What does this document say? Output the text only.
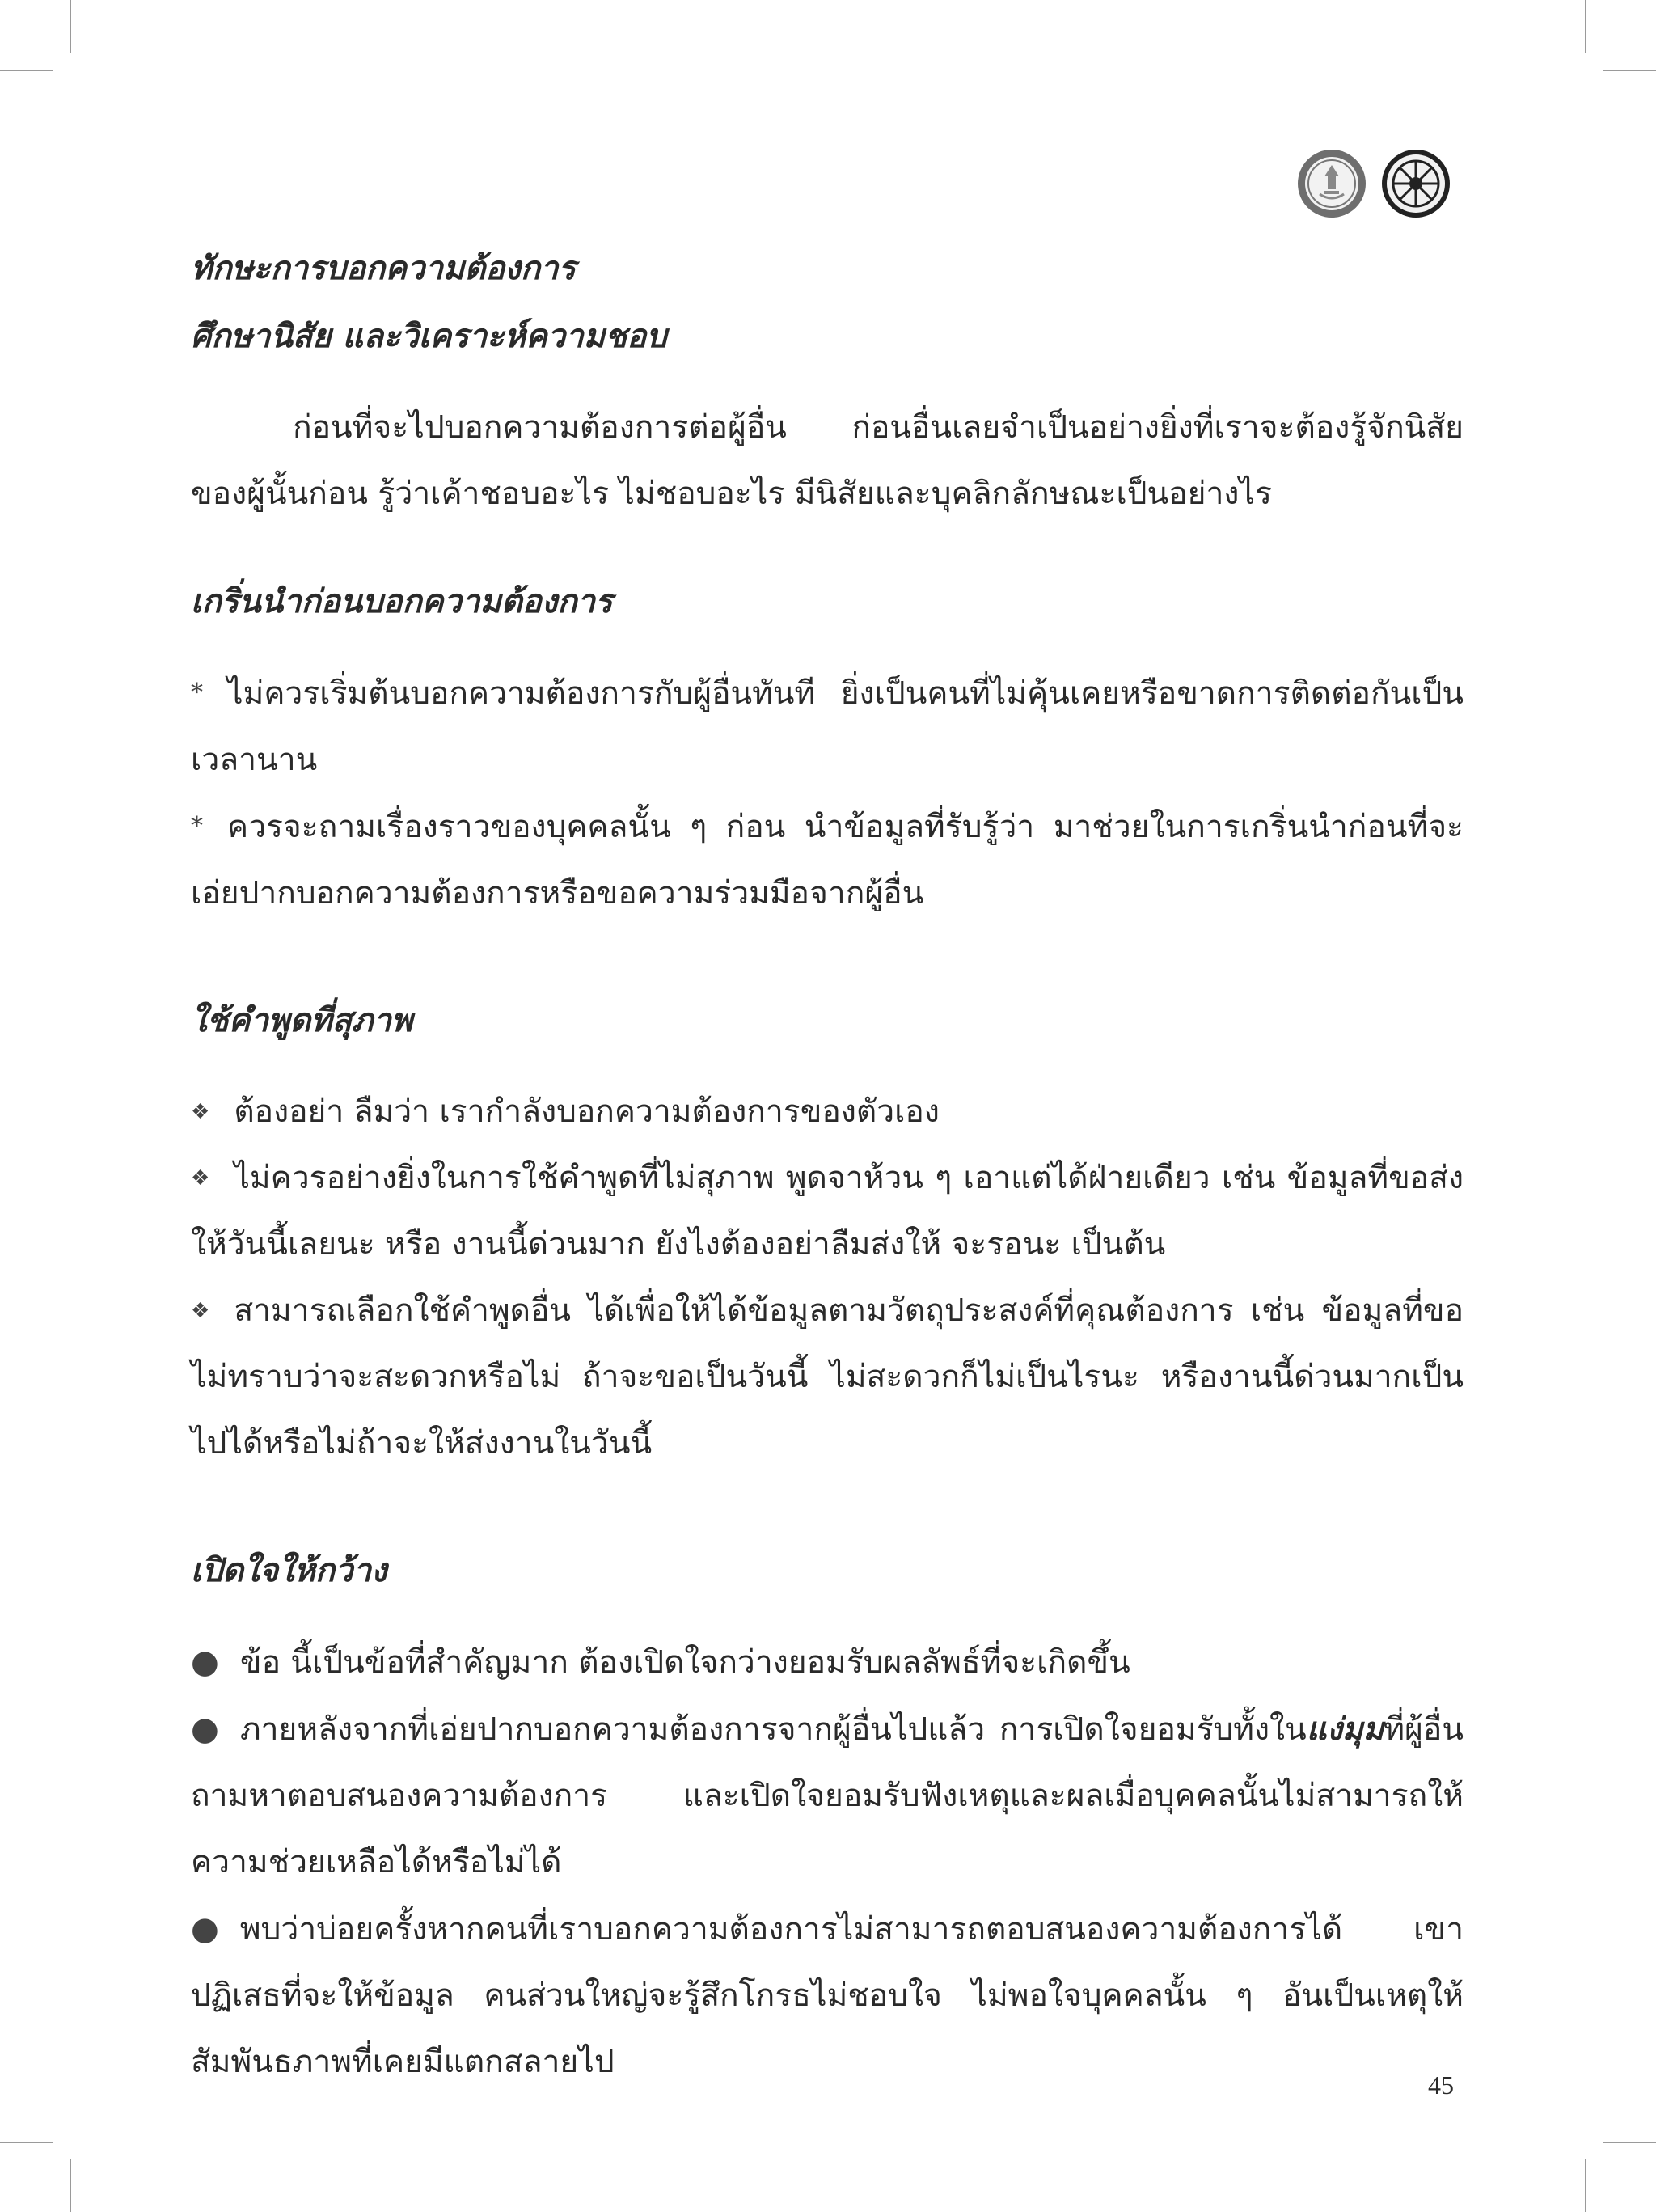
ทักษะการบอกความต้องการ
ศึกษานิสัย และวิเคราะห์ความชอบ

ก่อนที่จะไปบอกความต้องการต่อผู้อื่น ก่อนอื่นเลยจำเป็นอย่างยิ่งที่เราจะต้องรู้จักนิสัยของผู้นั้นก่อน รู้ว่าเค้าชอบอะไร ไม่ชอบอะไร มีนิสัยและบุคลิกลักษณะเป็นอย่างไร

เกริ่นนำก่อนบอกความต้องการ

* ไม่ควรเริ่มต้นบอกความต้องการกับผู้อื่นทันที ยิ่งเป็นคนที่ไม่คุ้นเคยหรือขาดการติดต่อกันเป็นเวลานาน

* ควรจะถามเรื่องราวของบุคคลนั้น ๆ ก่อน นำข้อมูลที่รับรู้ว่า มาช่วยในการเกริ่นนำก่อนที่จะเอ่ยปากบอกความต้องการหรือขอความร่วมมือจากผู้อื่น

ใช้คำพูดที่สุภาพ

❖ ต้องอย่า ลืมว่า เรากำลังบอกความต้องการของตัวเอง

❖ ไม่ควรอย่างยิ่งในการใช้คำพูดที่ไม่สุภาพ พูดจาห้วน ๆ เอาแต่ได้ฝ่ายเดียว เช่น ข้อมูลที่ขอส่งให้วันนี้เลยนะ หรือ งานนี้ด่วนมาก ยังไงต้องอย่าลืมส่งให้ จะรอนะ เป็นต้น

❖ สามารถเลือกใช้คำพูดอื่น ได้เพื่อให้ได้ข้อมูลตามวัตถุประสงค์ที่คุณต้องการ เช่น ข้อมูลที่ขอไม่ทราบว่าจะสะดวกหรือไม่ ถ้าจะขอเป็นวันนี้ ไม่สะดวกก็ไม่เป็นไรนะ หรืองานนี้ด่วนมากเป็นไปได้หรือไม่ถ้าจะให้ส่งงานในวันนี้

เปิดใจให้กว้าง

● ข้อ นี้เป็นข้อที่สำคัญมาก ต้องเปิดใจกว่างยอมรับผลลัพธ์ที่จะเกิดขึ้น

● ภายหลังจากที่เอ่ยปากบอกความต้องการจากผู้อื่นไปแล้ว การเปิดใจยอมรับทั้งในแง่มุมที่ผู้อื่นถามหาตอบสนองความต้องการ และเปิดใจยอมรับฟังเหตุและผลเมื่อบุคคลนั้นไม่สามารถให้ความช่วยเหลือได้หรือไม่ได้

● พบว่าบ่อยครั้งหากคนที่เราบอกความต้องการไม่สามารถตอบสนองความต้องการได้ เขาปฏิเสธที่จะให้ข้อมูล คนส่วนใหญ่จะรู้สึกโกรธไม่ชอบใจ ไม่พอใจบุคคลนั้น ๆ อันเป็นเหตุให้สัมพันธภาพที่เคยมีแตกสลายไป

45
